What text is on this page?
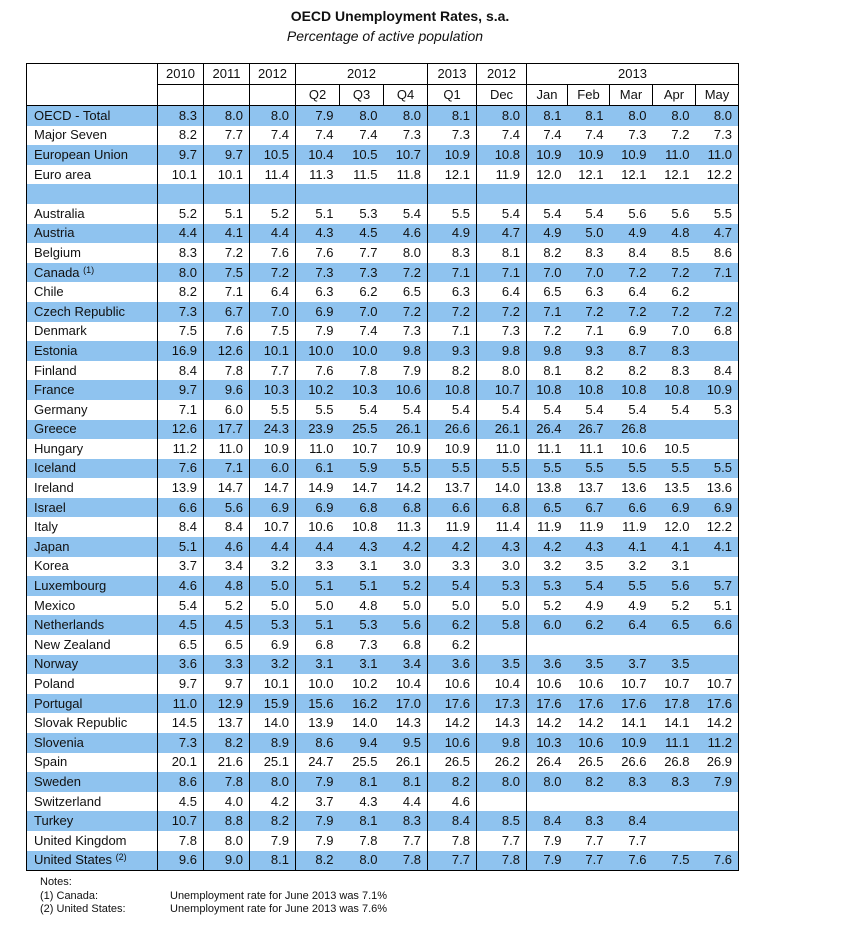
OECD Unemployment Rates, s.a.
Percentage of active population
	2010	2011	2012	2012			2013	2012	2013				
				Q2	Q3	Q4	Q1	Dec	Jan	Feb	Mar	Apr	May
OECD - Total	8.3	8.0	8.0	7.9	8.0	8.0	8.1	8.0	8.1	8.1	8.0	8.0	8.0
Major Seven	8.2	7.7	7.4	7.4	7.4	7.3	7.3	7.4	7.4	7.4	7.3	7.2	7.3
European Union	9.7	9.7	10.5	10.4	10.5	10.7	10.9	10.8	10.9	10.9	10.9	11.0	11.0
Euro area	10.1	10.1	11.4	11.3	11.5	11.8	12.1	11.9	12.0	12.1	12.1	12.1	12.2

Australia	5.2	5.1	5.2	5.1	5.3	5.4	5.5	5.4	5.4	5.4	5.6	5.6	5.5
Austria	4.4	4.1	4.4	4.3	4.5	4.6	4.9	4.7	4.9	5.0	4.9	4.8	4.7
Belgium	8.3	7.2	7.6	7.6	7.7	8.0	8.3	8.1	8.2	8.3	8.4	8.5	8.6
Canada $^{(1)}$	8.0	7.5	7.2	7.3	7.3	7.2	7.1	7.1	7.0	7.0	7.2	7.2	7.1
Chile	8.2	7.1	6.4	6.3	6.2	6.5	6.3	6.4	6.5	6.3	6.4	6.2	
Czech Republic	7.3	6.7	7.0	6.9	7.0	7.2	7.2	7.2	7.1	7.2	7.2	7.2	7.2
Denmark	7.5	7.6	7.5	7.9	7.4	7.3	7.1	7.3	7.2	7.1	6.9	7.0	6.8
Estonia	16.9	12.6	10.1	10.0	10.0	9.8	9.3	9.8	9.8	9.3	8.7	8.3	
Finland	8.4	7.8	7.7	7.6	7.8	7.9	8.2	8.0	8.1	8.2	8.2	8.3	8.4
France	9.7	9.6	10.3	10.2	10.3	10.6	10.8	10.7	10.8	10.8	10.8	10.8	10.9
Germany	7.1	6.0	5.5	5.5	5.4	5.4	5.4	5.4	5.4	5.4	5.4	5.4	5.3
Greece	12.6	17.7	24.3	23.9	25.5	26.1	26.6	26.1	26.4	26.7	26.8		
Hungary	11.2	11.0	10.9	11.0	10.7	10.9	10.9	11.0	11.1	11.1	10.6	10.5	
Iceland	7.6	7.1	6.0	6.1	5.9	5.5	5.5	5.5	5.5	5.5	5.5	5.5	5.5
Ireland	13.9	14.7	14.7	14.9	14.7	14.2	13.7	14.0	13.8	13.7	13.6	13.5	13.6
Israel	6.6	5.6	6.9	6.9	6.8	6.8	6.6	6.8	6.5	6.7	6.6	6.9	6.9
Italy	8.4	8.4	10.7	10.6	10.8	11.3	11.9	11.4	11.9	11.9	11.9	12.0	12.2
Japan	5.1	4.6	4.4	4.4	4.3	4.2	4.2	4.3	4.2	4.3	4.1	4.1	4.1
Korea	3.7	3.4	3.2	3.3	3.1	3.0	3.3	3.0	3.2	3.5	3.2	3.1	
Luxembourg	4.6	4.8	5.0	5.1	5.1	5.2	5.4	5.3	5.3	5.4	5.5	5.6	5.7
Mexico	5.4	5.2	5.0	5.0	4.8	5.0	5.0	5.0	5.2	4.9	4.9	5.2	5.1
Netherlands	4.5	4.5	5.3	5.1	5.3	5.6	6.2	5.8	6.0	6.2	6.4	6.5	6.6
New Zealand	6.5	6.5	6.9	6.8	7.3	6.8	6.2						
Norway	3.6	3.3	3.2	3.1	3.1	3.4	3.6	3.5	3.6	3.5	3.7	3.5	
Poland	9.7	9.7	10.1	10.0	10.2	10.4	10.6	10.4	10.6	10.6	10.7	10.7	10.7
Portugal	11.0	12.9	15.9	15.6	16.2	17.0	17.6	17.3	17.6	17.6	17.6	17.8	17.6
Slovak Republic	14.5	13.7	14.0	13.9	14.0	14.3	14.2	14.3	14.2	14.2	14.1	14.1	14.2
Slovenia	7.3	8.2	8.9	8.6	9.4	9.5	10.6	9.8	10.3	10.6	10.9	11.1	11.2
Spain	20.1	21.6	25.1	24.7	25.5	26.1	26.5	26.2	26.4	26.5	26.6	26.8	26.9
Sweden	8.6	7.8	8.0	7.9	8.1	8.1	8.2	8.0	8.0	8.2	8.3	8.3	7.9
Switzerland	4.5	4.0	4.2	3.7	4.3	4.4	4.6						
Turkey	10.7	8.8	8.2	7.9	8.1	8.3	8.4	8.5	8.4	8.3	8.4		
United Kingdom	7.8	8.0	7.9	7.9	7.8	7.7	7.8	7.7	7.9	7.7	7.7		
United States $^{(2)}$	9.6	9.0	8.1	8.2	8.0	7.8	7.7	7.8	7.9	7.7	7.6	7.5	7.6
Notes:
(1) Canada:	Unemployment rate for June 2013 was 7.1%
(2) United States:	Unemployment rate for June 2013 was 7.6%
